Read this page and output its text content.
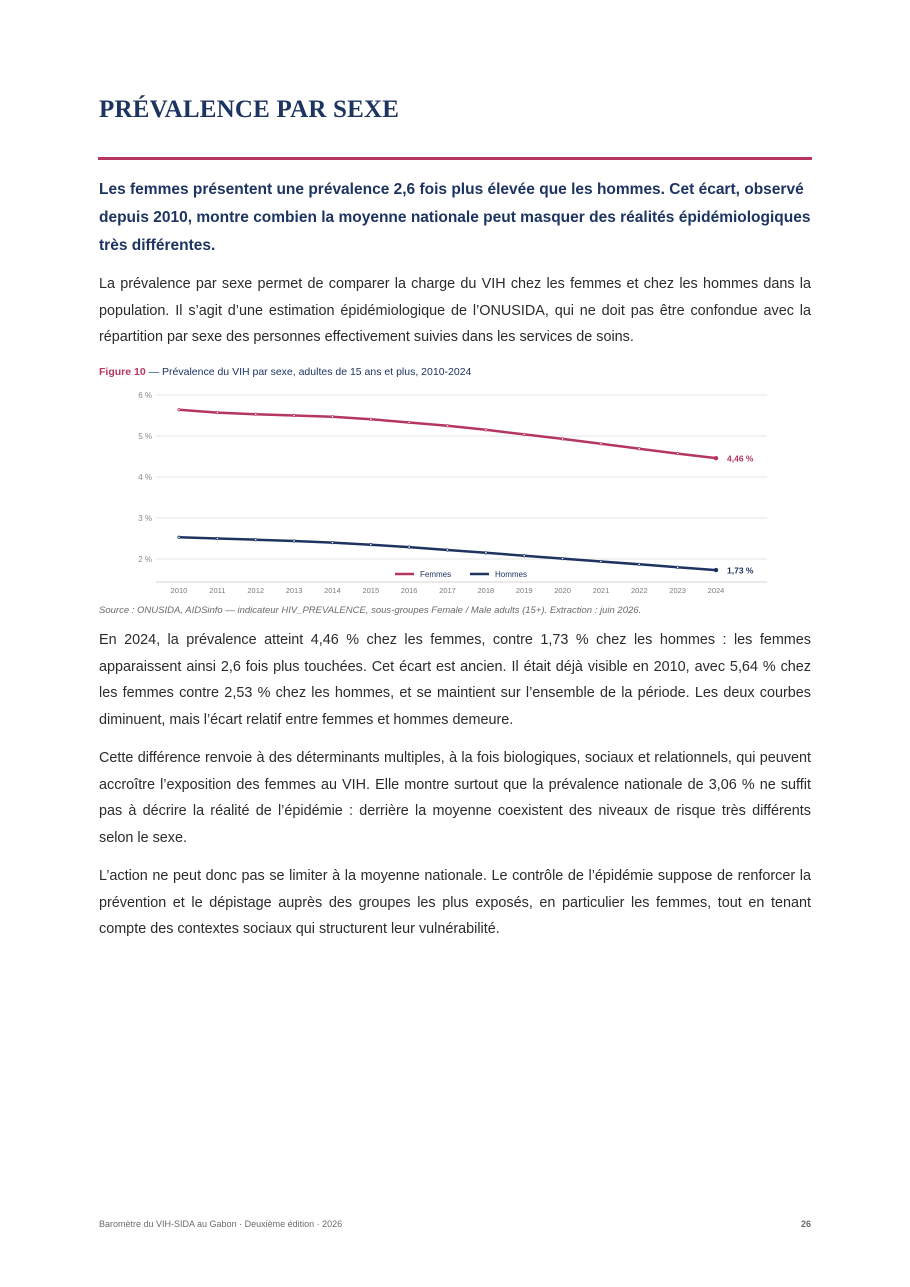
PRÉVALENCE PAR SEXE

Les femmes présentent une prévalence 2,6 fois plus élevée que les hommes. Cet écart, observé depuis 2010, montre combien la moyenne nationale peut masquer des réalités épidémiologiques très différentes.

La prévalence par sexe permet de comparer la charge du VIH chez les femmes et chez les hommes dans la population. Il s’agit d’une estimation épidémiologique de l’ONUSIDA, qui ne doit pas être confondue avec la répartition par sexe des personnes effectivement suivies dans les services de soins.

Figure 10 — Prévalence du VIH par sexe, adultes de 15 ans et plus, 2010-2024

2 %
3 %
4 %
5 %
6 %
2010	2011	2012	2013	2014	2015	2016	2017	2018	2019	2020	2021	2022	2023	2024
4,46 %
1,73 %
Femmes	Hommes

Source : ONUSIDA, AIDSinfo — indicateur HIV_PREVALENCE, sous-groupes Female / Male adults (15+). Extraction : juin 2026.

En 2024, la prévalence atteint 4,46 % chez les femmes, contre 1,73 % chez les hommes : les femmes apparaissent ainsi 2,6 fois plus touchées. Cet écart est ancien. Il était déjà visible en 2010, avec 5,64 % chez les femmes contre 2,53 % chez les hommes, et se maintient sur l’ensemble de la période. Les deux courbes diminuent, mais l’écart relatif entre femmes et hommes demeure.

Cette différence renvoie à des déterminants multiples, à la fois biologiques, sociaux et relationnels, qui peuvent accroître l’exposition des femmes au VIH. Elle montre surtout que la prévalence nationale de 3,06 % ne suffit pas à décrire la réalité de l’épidémie : derrière la moyenne coexistent des niveaux de risque très différents selon le sexe.

L’action ne peut donc pas se limiter à la moyenne nationale. Le contrôle de l’épidémie suppose de renforcer la prévention et le dépistage auprès des groupes les plus exposés, en particulier les femmes, tout en tenant compte des contextes sociaux qui structurent leur vulnérabilité.

Baromètre du VIH-SIDA au Gabon · Deuxième édition · 2026	26
